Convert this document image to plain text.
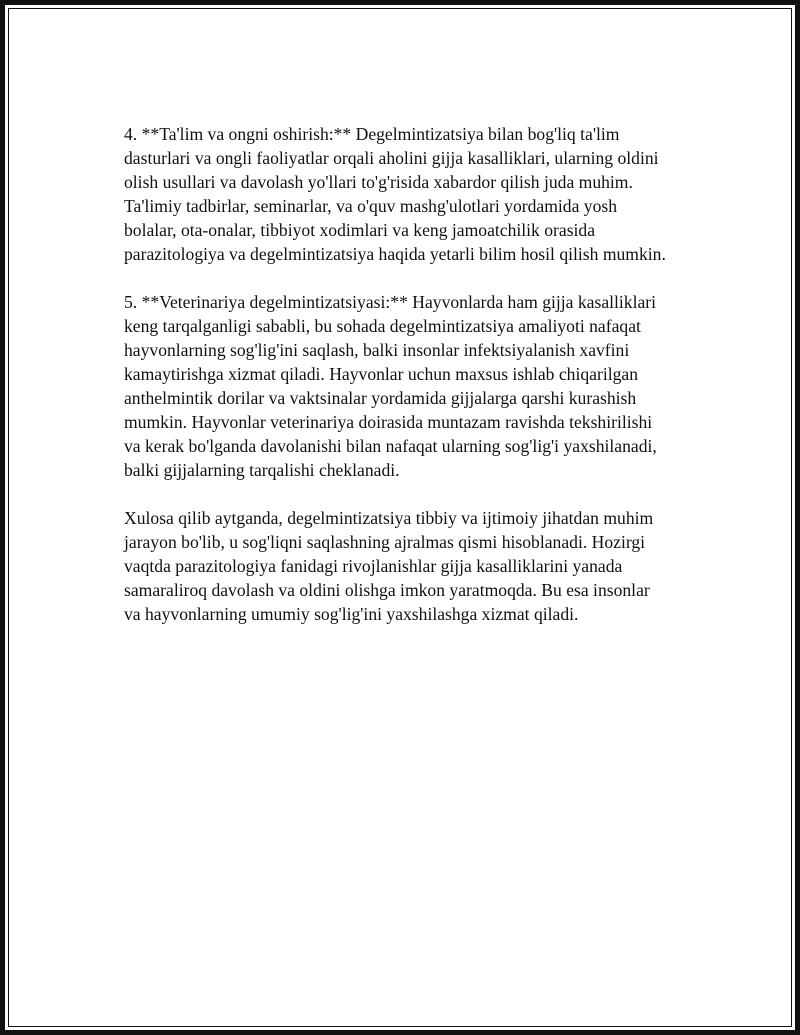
4. **Ta'lim va ongni oshirish:** Degelmintizatsiya bilan bog'liq ta'lim
dasturlari va ongli faoliyatlar orqali aholini gijja kasalliklari, ularning oldini
olish usullari va davolash yo'llari to'g'risida xabardor qilish juda muhim.
Ta'limiy tadbirlar, seminarlar, va o'quv mashg'ulotlari yordamida yosh
bolalar, ota-onalar, tibbiyot xodimlari va keng jamoatchilik orasida
parazitologiya va degelmintizatsiya haqida yetarli bilim hosil qilish mumkin.

5. **Veterinariya degelmintizatsiyasi:** Hayvonlarda ham gijja kasalliklari
keng tarqalganligi sababli, bu sohada degelmintizatsiya amaliyoti nafaqat
hayvonlarning sog'lig'ini saqlash, balki insonlar infektsiyalanish xavfini
kamaytirishga xizmat qiladi. Hayvonlar uchun maxsus ishlab chiqarilgan
anthelmintik dorilar va vaktsinalar yordamida gijjalarga qarshi kurashish
mumkin. Hayvonlar veterinariya doirasida muntazam ravishda tekshirilishi
va kerak bo'lganda davolanishi bilan nafaqat ularning sog'lig'i yaxshilanadi,
balki gijjalarning tarqalishi cheklanadi.

Xulosa qilib aytganda, degelmintizatsiya tibbiy va ijtimoiy jihatdan muhim
jarayon bo'lib, u sog'liqni saqlashning ajralmas qismi hisoblanadi. Hozirgi
vaqtda parazitologiya fanidagi rivojlanishlar gijja kasalliklarini yanada
samaraliroq davolash va oldini olishga imkon yaratmoqda. Bu esa insonlar
va hayvonlarning umumiy sog'lig'ini yaxshilashga xizmat qiladi.
